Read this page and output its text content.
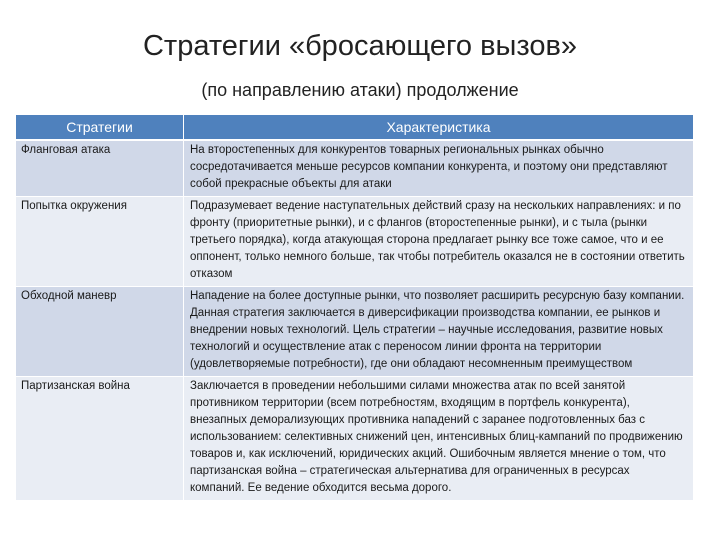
Стратегии «бросающего вызов»
(по направлению атаки) продолжение
Стратегии	Характеристика
Фланговая атака	На второстепенных для конкурентов товарных региональных рынках обычно сосредотачивается меньше ресурсов компании конкурента, и поэтому они представляют собой прекрасные объекты для атаки
Попытка окружения	Подразумевает ведение наступательных действий сразу на нескольких направлениях: и по фронту (приоритетные рынки), и с флангов (второстепенные рынки), и с тыла (рынки третьего порядка), когда атакующая сторона предлагает рынку все тоже самое, что и ее оппонент, только немного больше, так чтобы потребитель оказался не в состоянии ответить отказом
Обходной маневр	Нападение на более доступные рынки, что позволяет расширить ресурсную базу компании. Данная стратегия заключается в диверсификации производства компании, ее рынков и внедрении новых технологий. Цель стратегии – научные исследования, развитие новых технологий и осуществление атак с переносом линии фронта на территории (удовлетворяемые потребности), где они обладают несомненным преимуществом
Партизанская война	Заключается в проведении небольшими силами множества атак по всей занятой противником территории (всем потребностям, входящим в портфель конкурента), внезапных деморализующих противника нападений с заранее подготовленных баз с использованием: селективных снижений цен, интенсивных блиц-кампаний по продвижению товаров и, как исключений, юридических акций. Ошибочным является мнение о том, что партизанская война – стратегическая альтернатива для ограниченных в ресурсах компаний. Ее ведение обходится весьма дорого.
